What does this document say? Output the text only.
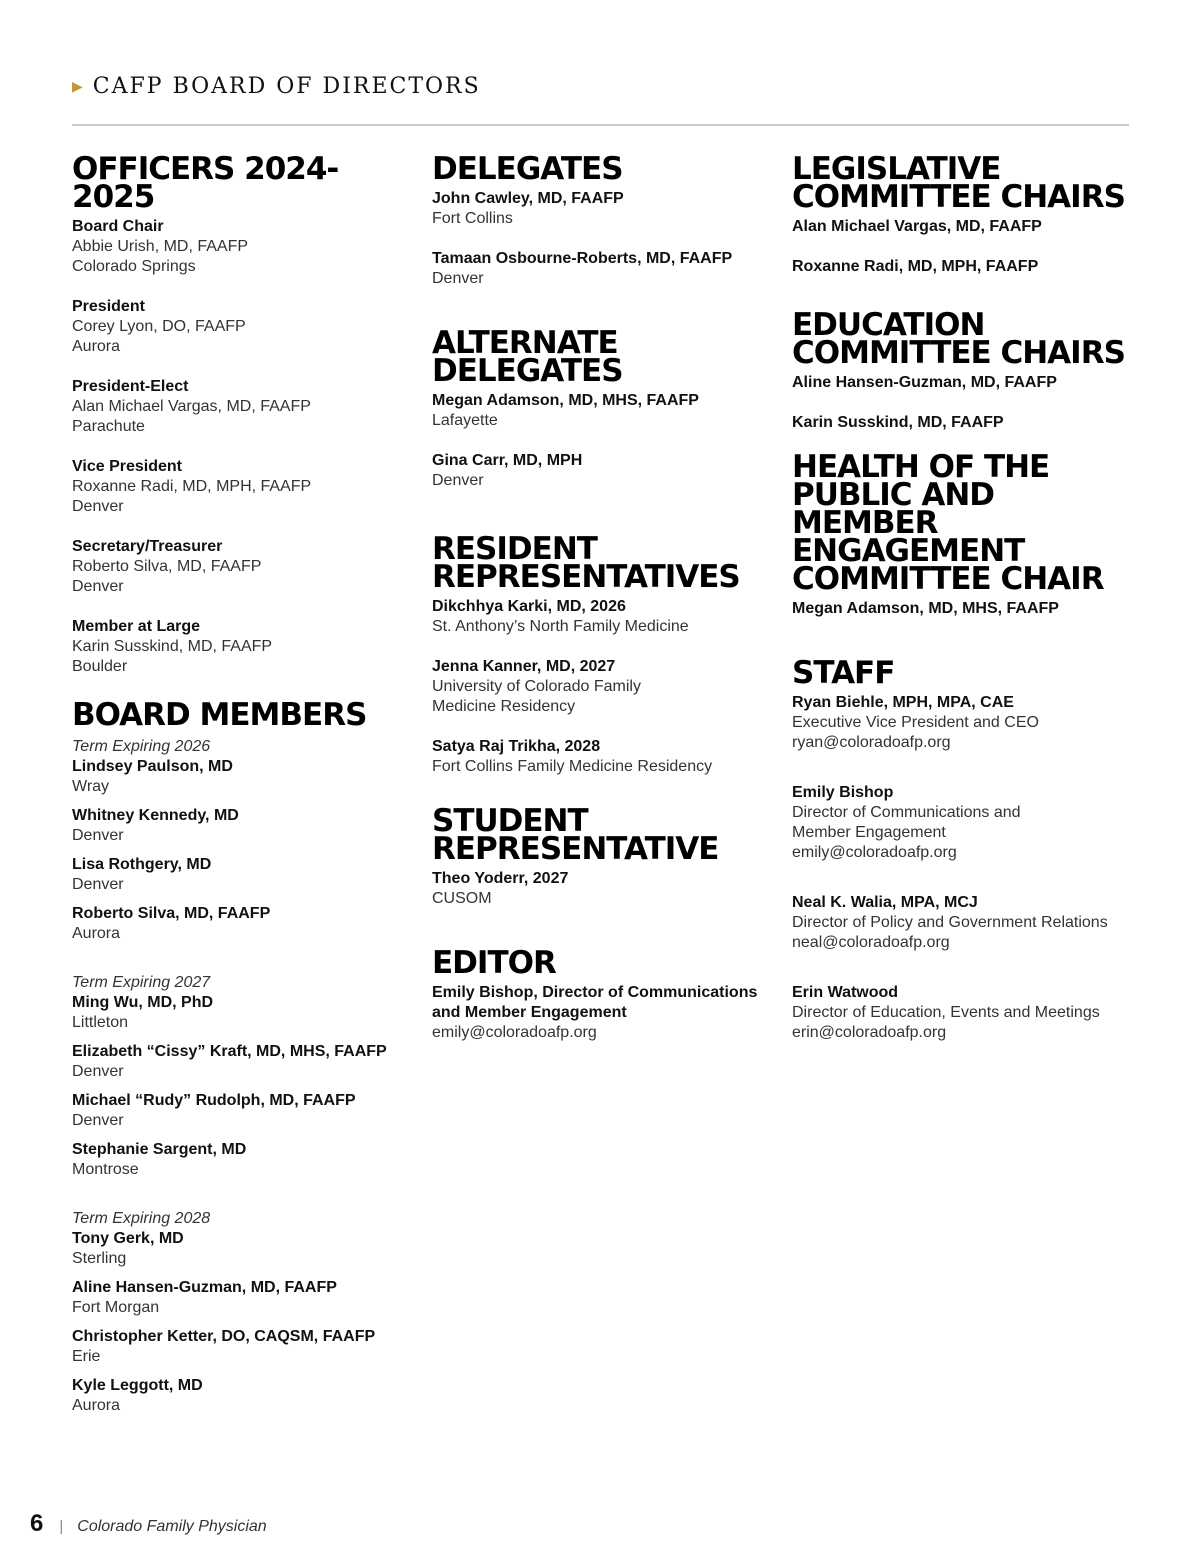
▶ CAFP BOARD OF DIRECTORS
OFFICERS 2024-2025
Board Chair
Abbie Urish, MD, FAAFP
Colorado Springs
President
Corey Lyon, DO, FAAFP
Aurora
President-Elect
Alan Michael Vargas, MD, FAAFP
Parachute
Vice President
Roxanne Radi, MD, MPH, FAAFP
Denver
Secretary/Treasurer
Roberto Silva, MD, FAAFP
Denver
Member at Large
Karin Susskind, MD, FAAFP
Boulder
BOARD MEMBERS
Term Expiring 2026
Lindsey Paulson, MD
Wray
Whitney Kennedy, MD
Denver
Lisa Rothgery, MD
Denver
Roberto Silva, MD, FAAFP
Aurora
Term Expiring 2027
Ming Wu, MD, PhD
Littleton
Elizabeth “Cissy” Kraft, MD, MHS, FAAFP
Denver
Michael “Rudy” Rudolph, MD, FAAFP
Denver
Stephanie Sargent, MD
Montrose
Term Expiring 2028
Tony Gerk, MD
Sterling
Aline Hansen-Guzman, MD, FAAFP
Fort Morgan
Christopher Ketter, DO, CAQSM, FAAFP
Erie
Kyle Leggott, MD
Aurora
DELEGATES
John Cawley, MD, FAAFP
Fort Collins
Tamaan Osbourne-Roberts, MD, FAAFP
Denver
ALTERNATE DELEGATES
Megan Adamson, MD, MHS, FAAFP
Lafayette
Gina Carr, MD, MPH
Denver
RESIDENT
REPRESENTATIVES
Dikchhya Karki, MD, 2026
St. Anthony’s North Family Medicine
Jenna Kanner, MD, 2027
University of Colorado Family
Medicine Residency
Satya Raj Trikha, 2028
Fort Collins Family Medicine Residency
STUDENT
REPRESENTATIVE
Theo Yoderr, 2027
CUSOM
EDITOR
Emily Bishop, Director of Communications
and Member Engagement
emily@coloradoafp.org
LEGISLATIVE
COMMITTEE CHAIRS
Alan Michael Vargas, MD, FAAFP
Roxanne Radi, MD, MPH, FAAFP
EDUCATION
COMMITTEE CHAIRS
Aline Hansen-Guzman, MD, FAAFP
Karin Susskind, MD, FAAFP
HEALTH OF THE
PUBLIC AND MEMBER
ENGAGEMENT
COMMITTEE CHAIR
Megan Adamson, MD, MHS, FAAFP
STAFF
Ryan Biehle, MPH, MPA, CAE
Executive Vice President and CEO
ryan@coloradoafp.org
Emily Bishop
Director of Communications and
Member Engagement
emily@coloradoafp.org
Neal K. Walia, MPA, MCJ
Director of Policy and Government Relations
neal@coloradoafp.org
Erin Watwood
Director of Education, Events and Meetings
erin@coloradoafp.org
6 | Colorado Family Physician
